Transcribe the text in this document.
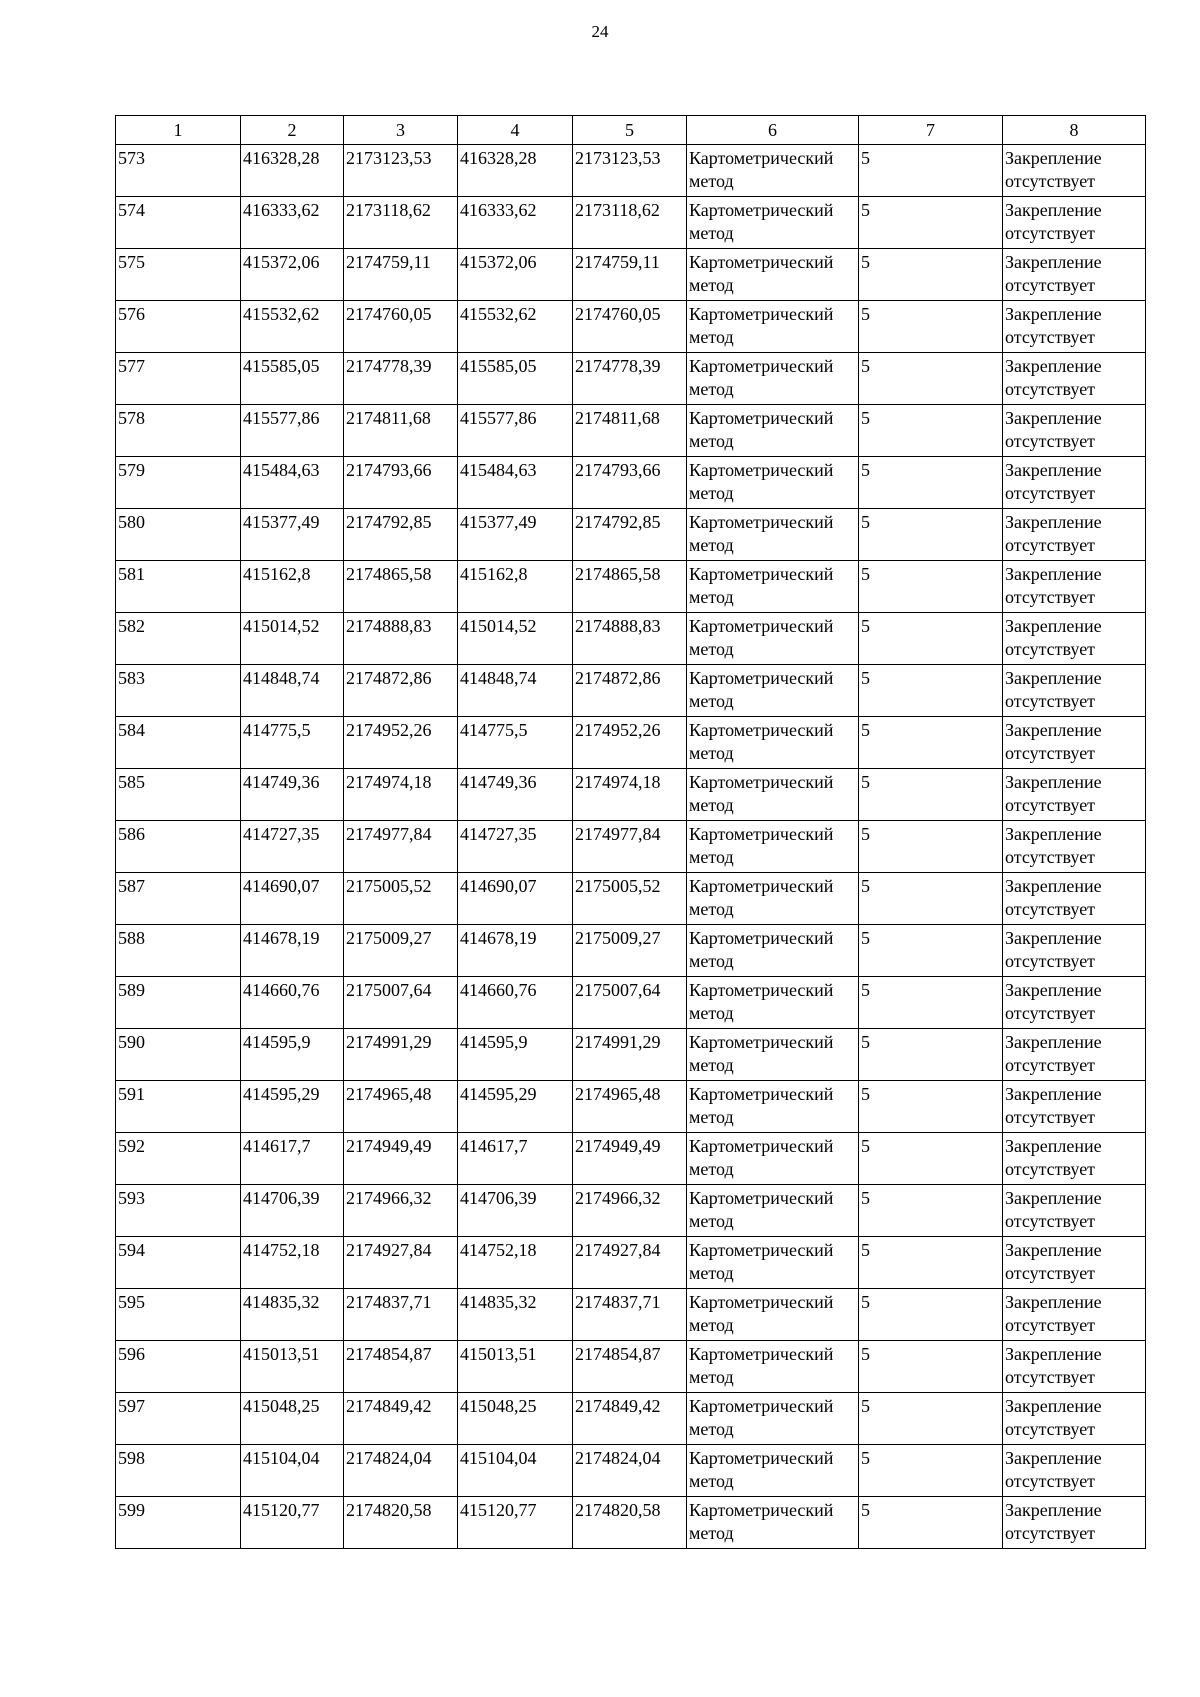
24
1	2	3	4	5	6	7	8
573	416328,28	2173123,53	416328,28	2173123,53	Картометрический метод	5	Закрепление отсутствует
574	416333,62	2173118,62	416333,62	2173118,62	Картометрический метод	5	Закрепление отсутствует
575	415372,06	2174759,11	415372,06	2174759,11	Картометрический метод	5	Закрепление отсутствует
576	415532,62	2174760,05	415532,62	2174760,05	Картометрический метод	5	Закрепление отсутствует
577	415585,05	2174778,39	415585,05	2174778,39	Картометрический метод	5	Закрепление отсутствует
578	415577,86	2174811,68	415577,86	2174811,68	Картометрический метод	5	Закрепление отсутствует
579	415484,63	2174793,66	415484,63	2174793,66	Картометрический метод	5	Закрепление отсутствует
580	415377,49	2174792,85	415377,49	2174792,85	Картометрический метод	5	Закрепление отсутствует
581	415162,8	2174865,58	415162,8	2174865,58	Картометрический метод	5	Закрепление отсутствует
582	415014,52	2174888,83	415014,52	2174888,83	Картометрический метод	5	Закрепление отсутствует
583	414848,74	2174872,86	414848,74	2174872,86	Картометрический метод	5	Закрепление отсутствует
584	414775,5	2174952,26	414775,5	2174952,26	Картометрический метод	5	Закрепление отсутствует
585	414749,36	2174974,18	414749,36	2174974,18	Картометрический метод	5	Закрепление отсутствует
586	414727,35	2174977,84	414727,35	2174977,84	Картометрический метод	5	Закрепление отсутствует
587	414690,07	2175005,52	414690,07	2175005,52	Картометрический метод	5	Закрепление отсутствует
588	414678,19	2175009,27	414678,19	2175009,27	Картометрический метод	5	Закрепление отсутствует
589	414660,76	2175007,64	414660,76	2175007,64	Картометрический метод	5	Закрепление отсутствует
590	414595,9	2174991,29	414595,9	2174991,29	Картометрический метод	5	Закрепление отсутствует
591	414595,29	2174965,48	414595,29	2174965,48	Картометрический метод	5	Закрепление отсутствует
592	414617,7	2174949,49	414617,7	2174949,49	Картометрический метод	5	Закрепление отсутствует
593	414706,39	2174966,32	414706,39	2174966,32	Картометрический метод	5	Закрепление отсутствует
594	414752,18	2174927,84	414752,18	2174927,84	Картометрический метод	5	Закрепление отсутствует
595	414835,32	2174837,71	414835,32	2174837,71	Картометрический метод	5	Закрепление отсутствует
596	415013,51	2174854,87	415013,51	2174854,87	Картометрический метод	5	Закрепление отсутствует
597	415048,25	2174849,42	415048,25	2174849,42	Картометрический метод	5	Закрепление отсутствует
598	415104,04	2174824,04	415104,04	2174824,04	Картометрический метод	5	Закрепление отсутствует
599	415120,77	2174820,58	415120,77	2174820,58	Картометрический метод	5	Закрепление отсутствует
